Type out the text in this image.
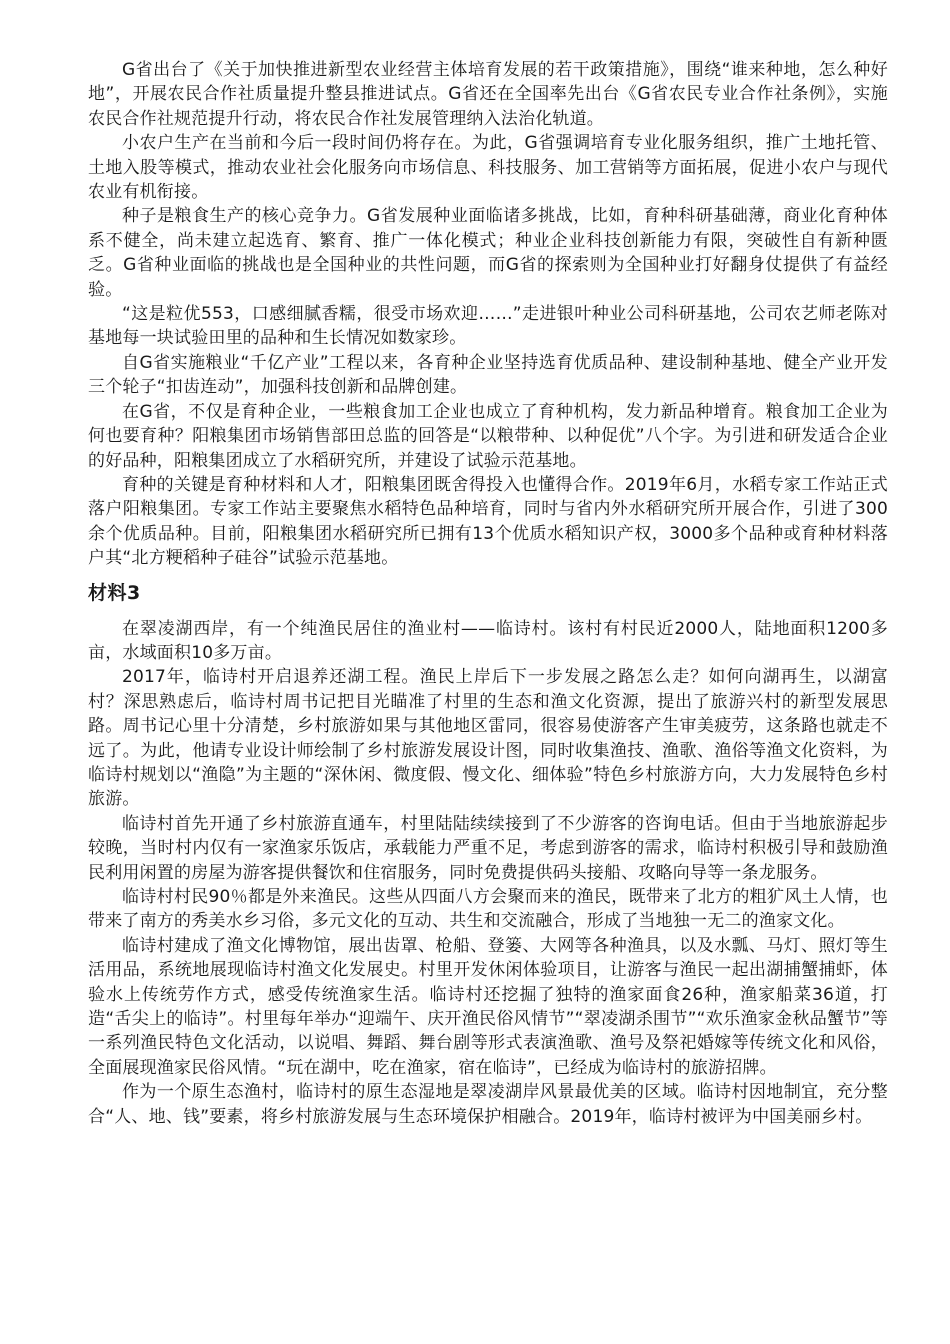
G省出台了《关于加快推进新型农业经营主体培育发展的若干政策措施》，围绕“谁来种地，怎么种好地”，开展农民合作社质量提升整县推进试点。G省还在全国率先出台《G省农民专业合作社条例》，实施农民合作社规范提升行动，将农民合作社发展管理纳入法治化轨道。

小农户生产在当前和今后一段时间仍将存在。为此，G省强调培育专业化服务组织，推广土地托管、土地入股等模式，推动农业社会化服务向市场信息、科技服务、加工营销等方面拓展，促进小农户与现代农业有机衔接。

种子是粮食生产的核心竞争力。G省发展种业面临诸多挑战，比如，育种科研基础薄，商业化育种体系不健全，尚未建立起选育、繁育、推广一体化模式；种业企业科技创新能力有限，突破性自有新种匮乏。G省种业面临的挑战也是全国种业的共性问题，而G省的探索则为全国种业打好翻身仗提供了有益经验。

“这是粒优553，口感细腻香糯，很受市场欢迎……”走进银叶种业公司科研基地，公司农艺师老陈对基地每一块试验田里的品种和生长情况如数家珍。

自G省实施粮业“千亿产业”工程以来，各育种企业坚持选育优质品种、建设制种基地、健全产业开发三个轮子“扣齿连动”，加强科技创新和品牌创建。

在G省，不仅是育种企业，一些粮食加工企业也成立了育种机构，发力新品种增育。粮食加工企业为何也要育种？阳粮集团市场销售部田总监的回答是“以粮带种、以种促优”八个字。为引进和研发适合企业的好品种，阳粮集团成立了水稻研究所，并建设了试验示范基地。

育种的关键是育种材料和人才，阳粮集团既舍得投入也懂得合作。2019年6月，水稻专家工作站正式落户阳粮集团。专家工作站主要聚焦水稻特色品种培育，同时与省内外水稻研究所开展合作，引进了300余个优质品种。目前，阳粮集团水稻研究所已拥有13个优质水稻知识产权，3000多个品种或育种材料落户其“北方粳稻种子硅谷”试验示范基地。

材料3

在翠凌湖西岸，有一个纯渔民居住的渔业村——临诗村。该村有村民近2000人，陆地面积1200多亩，水域面积10多万亩。

2017年，临诗村开启退养还湖工程。渔民上岸后下一步发展之路怎么走？如何向湖再生，以湖富村？深思熟虑后，临诗村周书记把目光瞄准了村里的生态和渔文化资源，提出了旅游兴村的新型发展思路。周书记心里十分清楚，乡村旅游如果与其他地区雷同，很容易使游客产生审美疲劳，这条路也就走不远了。为此，他请专业设计师绘制了乡村旅游发展设计图，同时收集渔技、渔歌、渔俗等渔文化资料，为临诗村规划以“渔隐”为主题的“深休闲、微度假、慢文化、细体验”特色乡村旅游方向，大力发展特色乡村旅游。

临诗村首先开通了乡村旅游直通车，村里陆陆续续接到了不少游客的咨询电话。但由于当地旅游起步较晚，当时村内仅有一家渔家乐饭店，承载能力严重不足，考虑到游客的需求，临诗村积极引导和鼓励渔民利用闲置的房屋为游客提供餐饮和住宿服务，同时免费提供码头接船、攻略向导等一条龙服务。

临诗村村民90％都是外来渔民。这些从四面八方会聚而来的渔民，既带来了北方的粗犷风土人情，也带来了南方的秀美水乡习俗，多元文化的互动、共生和交流融合，形成了当地独一无二的渔家文化。

临诗村建成了渔文化博物馆，展出齿罩、枪船、登篓、大网等各种渔具，以及水瓢、马灯、照灯等生活用品，系统地展现临诗村渔文化发展史。村里开发休闲体验项目，让游客与渔民一起出湖捕蟹捕虾，体验水上传统劳作方式，感受传统渔家生活。临诗村还挖掘了独特的渔家面食26种，渔家船菜36道，打造“舌尖上的临诗”。村里每年举办“迎端午、庆开渔民俗风情节”“翠凌湖杀围节”“欢乐渔家金秋品蟹节”等一系列渔民特色文化活动，以说唱、舞蹈、舞台剧等形式表演渔歌、渔号及祭祀婚嫁等传统文化和风俗，全面展现渔家民俗风情。“玩在湖中，吃在渔家，宿在临诗”，已经成为临诗村的旅游招牌。

作为一个原生态渔村，临诗村的原生态湿地是翠凌湖岸风景最优美的区域。临诗村因地制宜，充分整合“人、地、钱”要素，将乡村旅游发展与生态环境保护相融合。2019年，临诗村被评为中国美丽乡村。
